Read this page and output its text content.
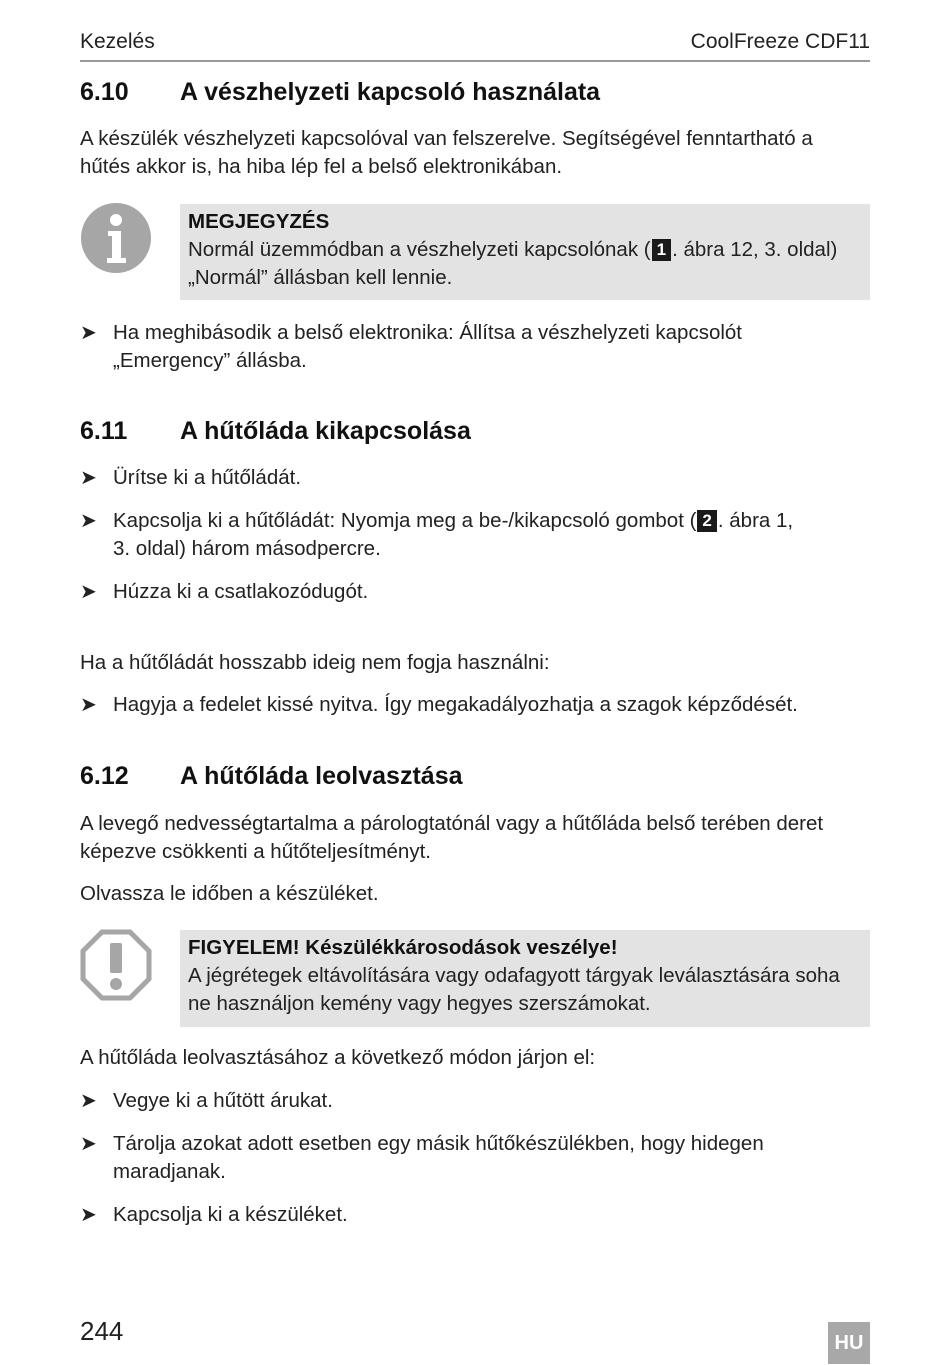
Kezelés	CoolFreeze CDF11
6.10 A vészhelyzeti kapcsoló használata
A készülék vészhelyzeti kapcsolóval van felszerelve. Segítségével fenntartható a
hűtés akkor is, ha hiba lép fel a belső elektronikában.
MEGJEGYZÉS
Normál üzemmódban a vészhelyzeti kapcsolónak ( 1 . ábra 12, 3. oldal)
„Normál” állásban kell lennie.
➤ Ha meghibásodik a belső elektronika: Állítsa a vészhelyzeti kapcsolót
„Emergency” állásba.
6.11 A hűtőláda kikapcsolása
➤ Ürítse ki a hűtőládát.
➤ Kapcsolja ki a hűtőládát: Nyomja meg a be-/kikapcsoló gombot ( 2 . ábra 1,
3. oldal) három másodpercre.
➤ Húzza ki a csatlakozódugót.
Ha a hűtőládát hosszabb ideig nem fogja használni:
➤ Hagyja a fedelet kissé nyitva. Így megakadályozhatja a szagok képződését.
6.12 A hűtőláda leolvasztása
A levegő nedvességtartalma a párologtatónál vagy a hűtőláda belső terében deret
képezve csökkenti a hűtőteljesítményt.
Olvassza le időben a készüléket.
FIGYELEM! Készülékkárosodások veszélye!
A jégrétegek eltávolítására vagy odafagyott tárgyak leválasztására soha
ne használjon kemény vagy hegyes szerszámokat.
A hűtőláda leolvasztásához a következő módon járjon el:
➤ Vegye ki a hűtött árukat.
➤ Tárolja azokat adott esetben egy másik hűtőkészülékben, hogy hidegen
maradjanak.
➤ Kapcsolja ki a készüléket.
244	HU
